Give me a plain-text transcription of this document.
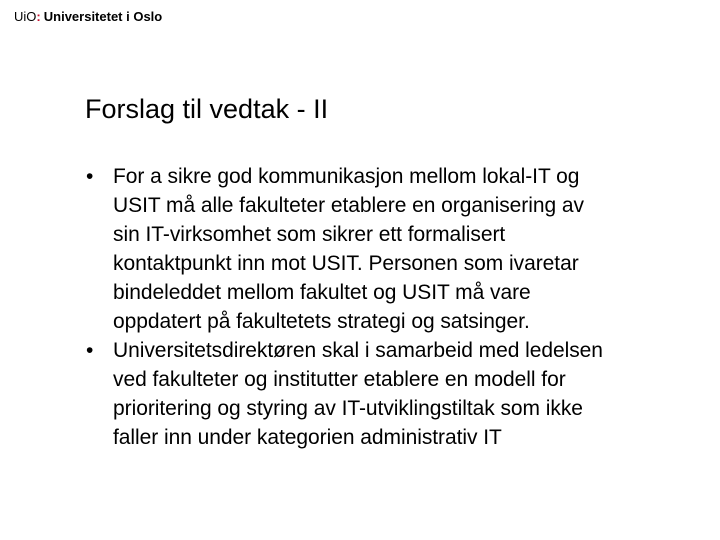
UiO: Universitetet i Oslo
Forslag til vedtak - II
• For a sikre god kommunikasjon mellom lokal-IT og
USIT må alle fakulteter etablere en organisering av
sin IT-virksomhet som sikrer ett formalisert
kontaktpunkt inn mot USIT. Personen som ivaretar
bindeleddet mellom fakultet og USIT må vare
oppdatert på fakultetets strategi og satsinger.
• Universitetsdirektøren skal i samarbeid med ledelsen
ved fakulteter og institutter etablere en modell for
prioritering og styring av IT-utviklingstiltak som ikke
faller inn under kategorien administrativ IT
